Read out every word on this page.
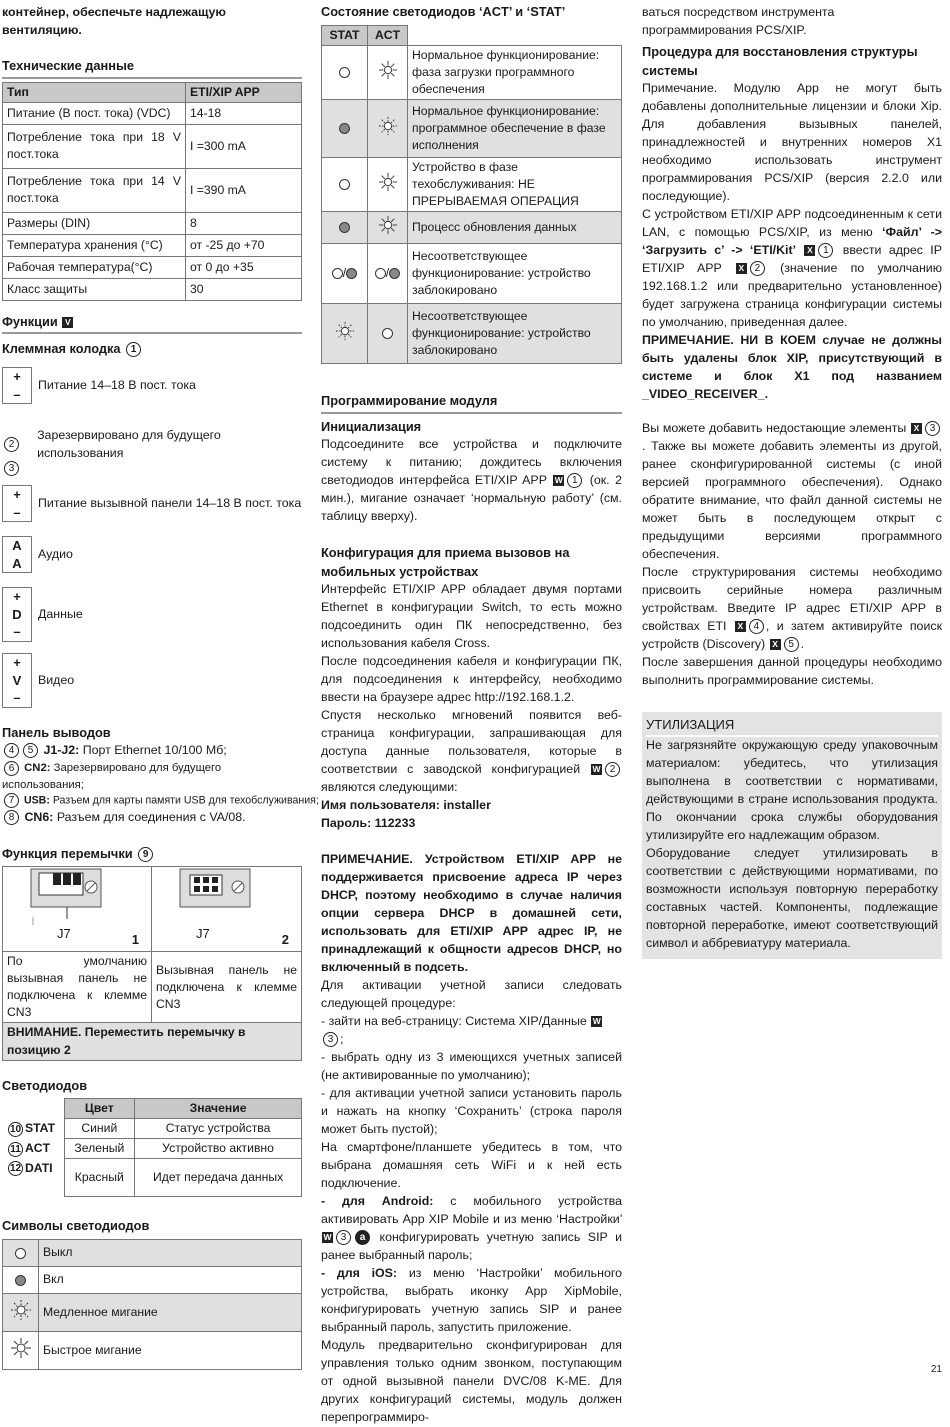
контейнер, обеспечьте надлежащую вентиляцию.

Технические данные
Тип	ETI/XIP APP
Питание (В пост. тока) (VDC)	14-18
Потребление тока при 18 V пост.тока	I =300 mA
Потребление тока при 14 V пост.тока	I =390 mA
Размеры (DIN)	8
Температура хранения (°C)	от -25 до +70
Рабочая температура(°C)	от 0 до +35
Класс защиты	30
Функции V
Клеммная колодка 1
+
–
Питание 14–18 В пост. тока
2
Зарезервировано для будущего использования
3
+
–
Питание вызывной панели 14–18 В пост. тока
A
A
Аудио
+
D
–
Данные
+
V
–
Видео
Панель выводов

4 5 J1-J2: Порт Ethernet 10/100 Мб;

6 CN2: Зарезервировано для будущего использования;

7 USB: Разъем для карты памяти USB для техобслуживания;

8 CN6: Разъем для соединения с VA/08.

Функция перемычки 9
J7 1	J7 2

По умолчанию вызывная панель не подключена к клемме CN3	Вызывная панель не подключена к клемме CN3
ВНИМАНИЕ. Переместить перемычку в позицию 2	
Светодиодов
	Цвет	Значение
10 STAT	Синий	Статус устройства
11 ACT	Зеленый	Устройство активно
12 DATI	Красный	Идет передача данных
Символы светодиодов
	Выкл
	Вкл
	Медленное мигание
	Быстрое мигание
Состояние светодиодов ‘ACT’ и ‘STAT’
STAT	ACT	
		Нормальное функционирование: фаза загрузки программного обеспечения
		Нормальное функционирование: программное обеспечение в фазе исполнения
		Устройство в фазе техобслуживания: НЕ ПРЕРЫВАЕМАЯ ОПЕРАЦИЯ
		Процесс обновления данных
/	/	Несоответствующее функционирование: устройство заблокировано
		Несоответствующее функционирование: устройство заблокировано
Программирование модуля
Инициализация

Подсоедините все устройства и подключите систему к питанию; дождитесь включения светодиодов интерфейса ETI/XIP APP W 1 (ок. 2 мин.), мигание означает ‘нормальную работу’ (см. таблицу вверху).

Конфигурация для приема вызовов на мобильных устройствах

Интерфейс ETI/XIP APP обладает двумя портами Ethernet в конфигурации Switch, то есть можно подсоединить один ПК непосредственно, без использования кабеля Cross.

После подсоединения кабеля и конфигурации ПК, для подсоединения к интерфейсу, необходимо ввести на браузере адрес http://192.168.1.2.

Спустя несколько мгновений появится веб-страница конфигурации, запрашивающая для доступа данные пользователя, которые в соответствии с заводской конфигурацией W 2 являются следующими:

Имя пользователя: installer

Пароль: 112233

ПРИМЕЧАНИЕ. Устройством ETI/XIP APP не поддерживается присвоение адреса IP через DHCP, поэтому необходимо в случае наличия опции сервера DHCP в домашней сети, использовать для ETI/XIP APP адрес IP, не принадлежащий к общности адресов DHCP, но включенный в подсеть.

Для активации учетной записи следовать следующей процедуре:

- зайти на веб-страницу: Система XIP/Данные W3 ;

- выбрать одну из 3 имеющихся учетных записей (не активированные по умолчанию);

- для активации учетной записи установить пароль и нажать на кнопку ‘Сохранить’ (строка пароля может быть пустой);

На смартфоне/планшете убедитесь в том, что выбрана домашняя сеть WiFi и к ней есть подключение.

- для Android: с мобильного устройства активировать App XIP Mobile и из меню ‘Настройки’ W 3 a конфигурировать учетную запись SIP и ранее выбранный пароль;

- для iOS: из меню ‘Настройки’ мобильного устройства, выбрать иконку App XipMobile, конфигурировать учетную запись SIP и ранее выбранный пароль, запустить приложение.

Модуль предварительно сконфигурирован для управления только одним звонком, поступающим от одной вызывной панели DVC/08 K-ME. Для других конфигураций системы, модуль должен перепрограммиро-

ваться посредством инструмента программирования PCS/XIP.

Процедура для восстановления структуры системы

Примечание. Модулю App не могут быть добавлены дополнительные лицензии и блоки Xip. Для добавления вызывных панелей, принадлежностей и внутренних номеров X1 необходимо использовать инструмент программирования PCS/XIP (версия 2.2.0 или последующие).

С устройством ETI/XIP APP подсоединенным к сети LAN, с помощью PCS/XIP, из меню ‘Файл’ -> ‘Загрузить с’ -> ‘ETI/Kit’ X 1 ввести адрес IP ETI/XIP APP X 2 (значение по умолчанию 192.168.1.2 или предварительно установленное) будет загружена страница конфигурации системы по умолчанию, приведенная далее.

ПРИМЕЧАНИЕ. НИ В КОЕМ случае не должны быть удалены блок XIP, присутствующий в системе и блок X1 под названием _VIDEO_RECEIVER_.

Вы можете добавить недостающие элементы X 3. Также вы можете добавить элементы из другой, ранее сконфигурированной системы (с иной версией программного обеспечения). Однако обратите внимание, что файл данной системы не может быть в последующем открыт с предыдущими версиями программного обеспечения.

После структурирования системы необходимо присвоить серийные номера различным устройствам. Введите IP адрес ETI/XIP APP в свойствах ETI X 4 , и затем активируйте поиск устройств (Discovery) X 5 .

После завершения данной процедуры необходимо выполнить программирование системы.

УТИЛИЗАЦИЯ

Не загрязняйте окружающую среду упаковочным материалом: убедитесь, что утилизация выполнена в соответствии с нормативами, действующими в стране использования продукта. По окончании срока службы оборудования утилизируйте его надлежащим образом.

Оборудование следует утилизировать в соответствии с действующими нормативами, по возможности используя повторную переработку составных частей. Компоненты, подлежащие повторной переработке, имеют соответствующий символ и аббревиатуру материала.

21
